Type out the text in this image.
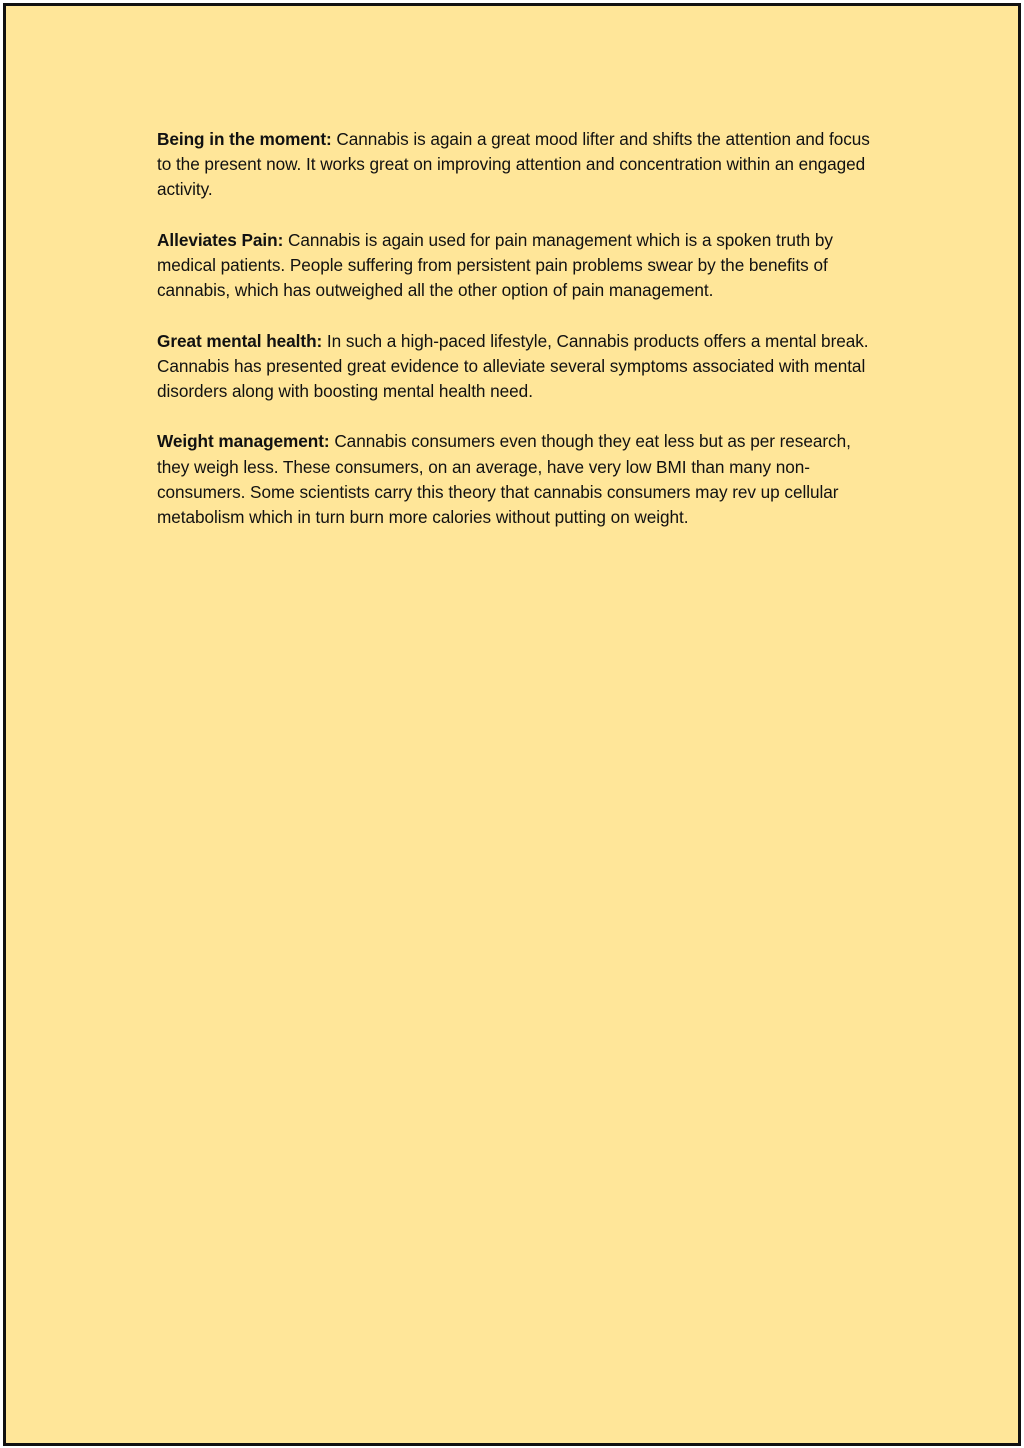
Being in the moment: Cannabis is again a great mood lifter and shifts the attention and focus to the present now. It works great on improving attention and concentration within an engaged activity.

Alleviates Pain: Cannabis is again used for pain management which is a spoken truth by medical patients. People suffering from persistent pain problems swear by the benefits of cannabis, which has outweighed all the other option of pain management.

Great mental health: In such a high-paced lifestyle, Cannabis products offers a mental break. Cannabis has presented great evidence to alleviate several symptoms associated with mental disorders along with boosting mental health need.

Weight management: Cannabis consumers even though they eat less but as per research, they weigh less. These consumers, on an average, have very low BMI than many non-consumers. Some scientists carry this theory that cannabis consumers may rev up cellular metabolism which in turn burn more calories without putting on weight.
